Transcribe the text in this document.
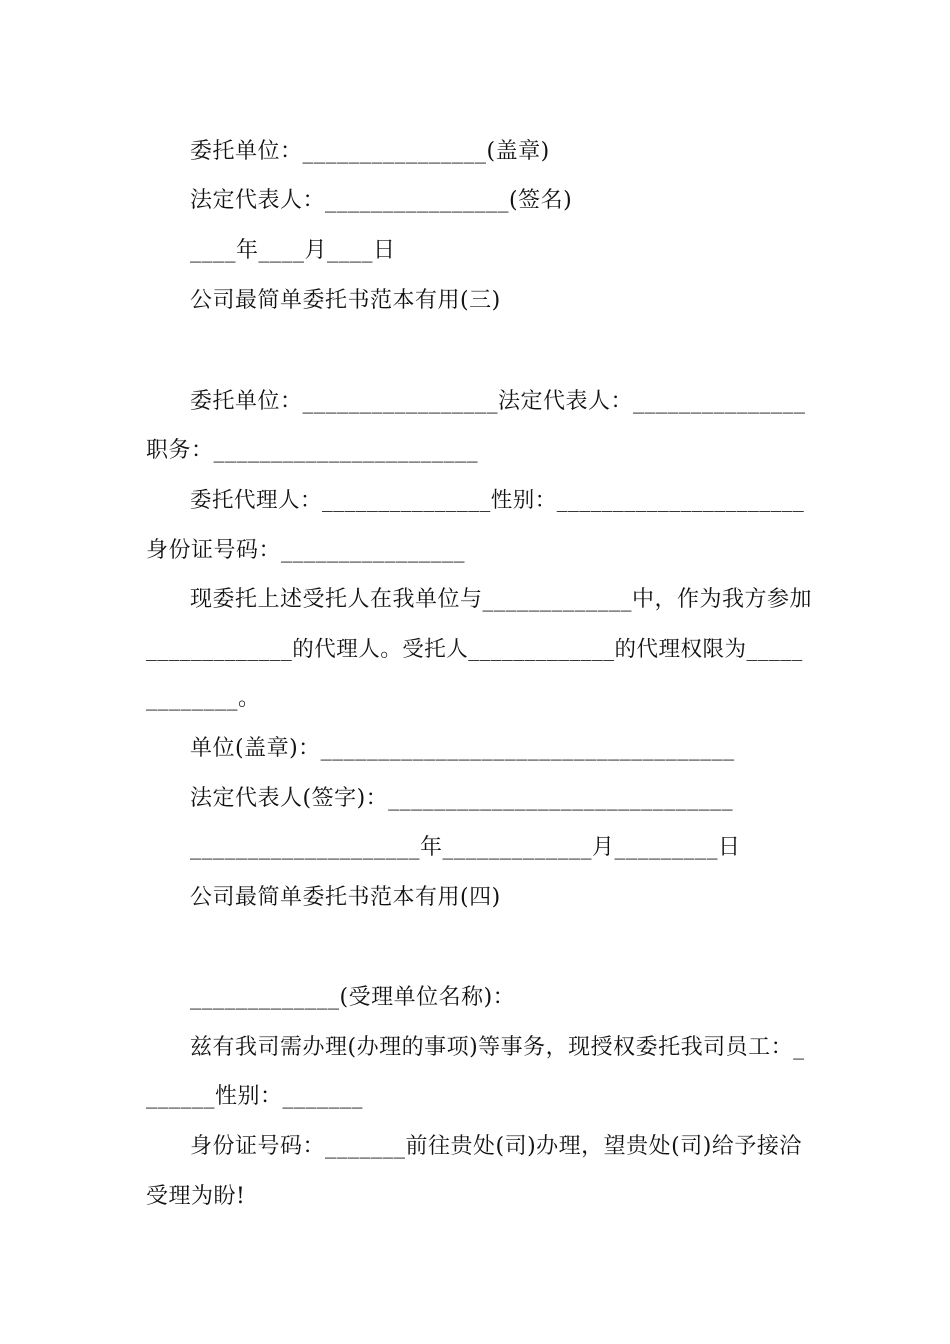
委托单位：________________(盖章)
法定代表人：________________(签名)
____年____月____日
公司最简单委托书范本有用(三)
委托单位：_________________法定代表人：_______________
职务：_______________________
委托代理人：_______________性别：______________________
身份证号码：________________
现委托上述受托人在我单位与_____________中，作为我方参加
_____________的代理人。受托人_____________的代理权限为_____
________。
单位(盖章)：____________________________________
法定代表人(签字)：______________________________
____________________年_____________月_________日
公司最简单委托书范本有用(四)
_____________(受理单位名称)：
兹有我司需办理(办理的事项)等事务，现授权委托我司员工：_
______性别：_______
身份证号码：_______前往贵处(司)办理，望贵处(司)给予接洽
受理为盼!
